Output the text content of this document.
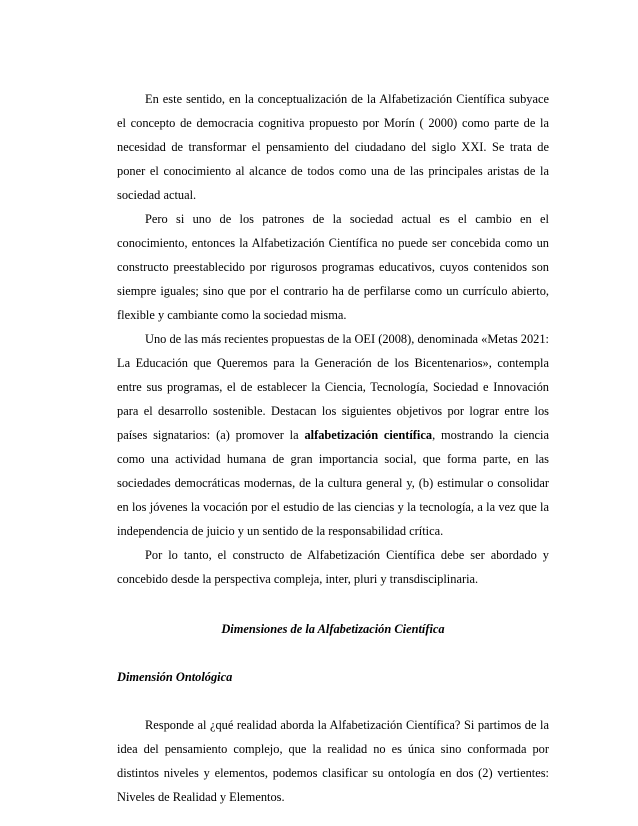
En este sentido, en la conceptualización de la Alfabetización Científica subyace el concepto de democracia cognitiva propuesto por Morín ( 2000) como parte de la necesidad de transformar el pensamiento del ciudadano del siglo XXI. Se trata de poner el conocimiento al alcance de todos como una de las principales aristas de la sociedad actual.

Pero si uno de los patrones de la sociedad actual es el cambio en el conocimiento, entonces la Alfabetización Científica no puede ser concebida como un constructo preestablecido por rigurosos programas educativos, cuyos contenidos son siempre iguales; sino que por el contrario ha de perfilarse como un currículo abierto, flexible y cambiante como la sociedad misma.

Uno de las más recientes propuestas de la OEI (2008), denominada «Metas 2021: La Educación que Queremos para la Generación de los Bicentenarios», contempla entre sus programas, el de establecer la Ciencia, Tecnología, Sociedad e Innovación para el desarrollo sostenible. Destacan los siguientes objetivos por lograr entre los países signatarios: (a) promover la alfabetización científica, mostrando la ciencia como una actividad humana de gran importancia social, que forma parte, en las sociedades democráticas modernas, de la cultura general y, (b) estimular o consolidar en los jóvenes la vocación por el estudio de las ciencias y la tecnología, a la vez que la independencia de juicio y un sentido de la responsabilidad crítica.

Por lo tanto, el constructo de Alfabetización Científica debe ser abordado y concebido desde la perspectiva compleja, inter, pluri y transdisciplinaria.

Dimensiones de la Alfabetización Científica
Dimensión Ontológica

Responde al ¿qué realidad aborda la Alfabetización Científica? Si partimos de la idea del pensamiento complejo, que la realidad no es única sino conformada por distintos niveles y elementos, podemos clasificar su ontología en dos (2) vertientes: Niveles de Realidad y Elementos.
